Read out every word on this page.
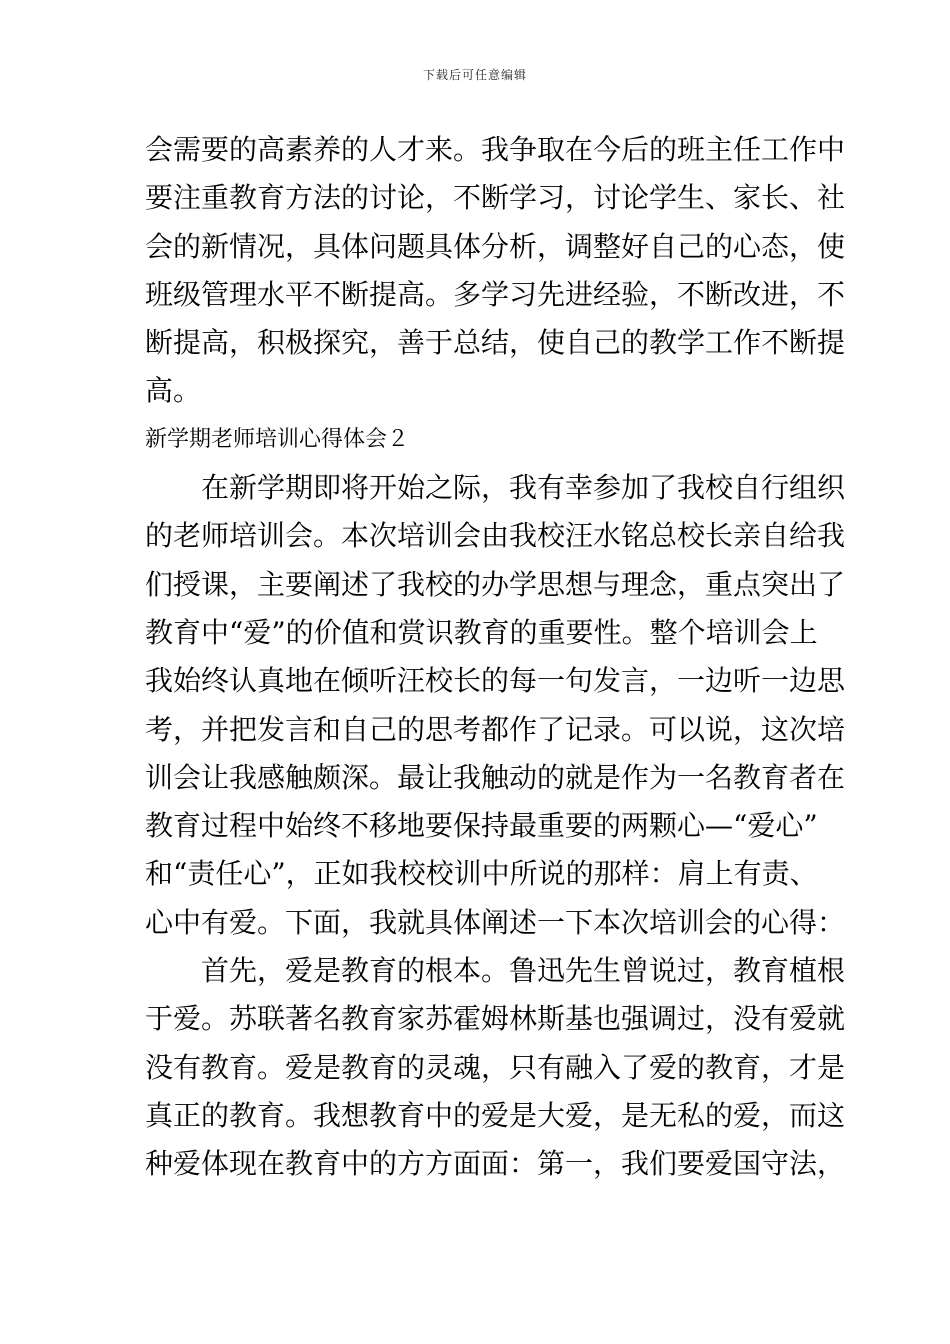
下载后可任意编辑
会需要的高素养的人才来。我争取在今后的班主任工作中
要注重教育方法的讨论，不断学习，讨论学生、家长、社
会的新情况，具体问题具体分析，调整好自己的心态，使
班级管理水平不断提高。多学习先进经验，不断改进，不
断提高，积极探究，善于总结，使自己的教学工作不断提
高。
新学期老师培训心得体会２
在新学期即将开始之际，我有幸参加了我校自行组织
的老师培训会。本次培训会由我校汪水铭总校长亲自给我
们授课，主要阐述了我校的办学思想与理念，重点突出了
教育中“爱”的价值和赏识教育的重要性。整个培训会上
我始终认真地在倾听汪校长的每一句发言，一边听一边思
考，并把发言和自己的思考都作了记录。可以说，这次培
训会让我感触颇深。最让我触动的就是作为一名教育者在
教育过程中始终不移地要保持最重要的两颗心—“爱心”
和“责任心”，正如我校校训中所说的那样：肩上有责、
心中有爱。下面，我就具体阐述一下本次培训会的心得：
首先，爱是教育的根本。鲁迅先生曾说过，教育植根
于爱。苏联著名教育家苏霍姆林斯基也强调过，没有爱就
没有教育。爱是教育的灵魂，只有融入了爱的教育，才是
真正的教育。我想教育中的爱是大爱，是无私的爱，而这
种爱体现在教育中的方方面面：第一，我们要爱国守法，
